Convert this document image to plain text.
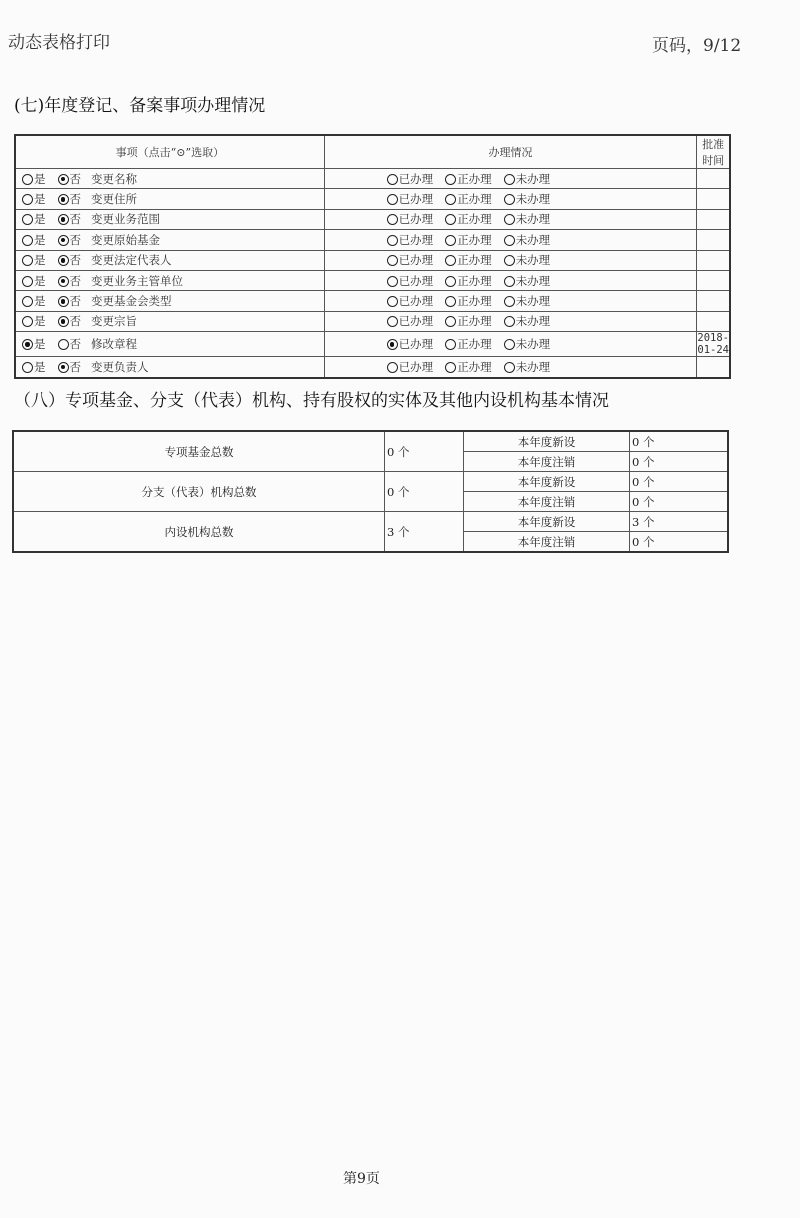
动态表格打印	页码，9/12
(七)年度登记、备案事项办理情况
事项（点击“⊙”选取）	办理情况	批准时间
是 否 变更名称	已办理 正办理 未办理	
是 否 变更住所	已办理 正办理 未办理	
是 否 变更业务范围	已办理 正办理 未办理	
是 否 变更原始基金	已办理 正办理 未办理	
是 否 变更法定代表人	已办理 正办理 未办理	
是 否 变更业务主管单位	已办理 正办理 未办理	
是 否 变更基金会类型	已办理 正办理 未办理	
是 否 变更宗旨	已办理 正办理 未办理	
是 否 修改章程	已办理 正办理 未办理	2018-01-24
是 否 变更负责人	已办理 正办理 未办理	
（八）专项基金、分支（代表）机构、持有股权的实体及其他内设机构基本情况
专项基金总数	0 个	本年度新设	0 个
		本年度注销	0 个
分支（代表）机构总数	0 个	本年度新设	0 个
		本年度注销	0 个
内设机构总数	3 个	本年度新设	3 个
		本年度注销	0 个
第9页
